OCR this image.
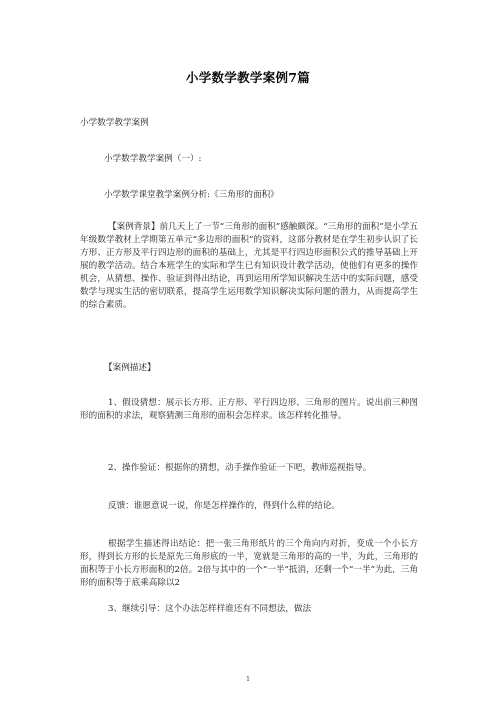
小学数学教学案例7篇
小学数学教学案例
小学数学教学案例（一）:
小学数学课堂教学案例分析:《三角形的面积》
【案例背景】前几天上了一节“三角形的面积”感触颇深。“三角形的面积”是小学五年级数学教材上学期第五单元“多边形的面积”的资料，这部分教材是在学生初步认识了长方形、正方形及平行四边形的面积的基础上，尤其是平行四边形面积公式的推导基础上开展的教学活动。结合本班学生的实际和学生已有知识设计教学活动，使他们有更多的操作机会，从猜想、操作、验证到得出结论，再到运用所学知识解决生活中的实际问题，感受数学与现实生活的密切联系，提高学生运用数学知识解决实际问题的潜力，从而提高学生的综合素质。
【案例描述】
1、假设猜想：展示长方形、正方形、平行四边形、三角形的图片。说出前三种图形的面积的求法，观察猜测三角形的面积会怎样求。该怎样转化推导。
2、操作验证：根据你的猜想，动手操作验证一下吧，教师巡视指导。
反馈：谁愿意说一说，你是怎样操作的，得到什么样的结论。
根据学生描述得出结论：把一张三角形纸片的三个角向内对折，变成一个小长方形，得到长方形的长是原先三角形底的一半，宽就是三角形的高的一半，为此，三角形的面积等于小长方形面积的2倍。2倍与其中的一个“一半”抵消，还剩一个“一半”为此，三角形的面积等于底乘高除以2
3、继续引导：这个办法怎样样谁还有不同想法，做法
1
